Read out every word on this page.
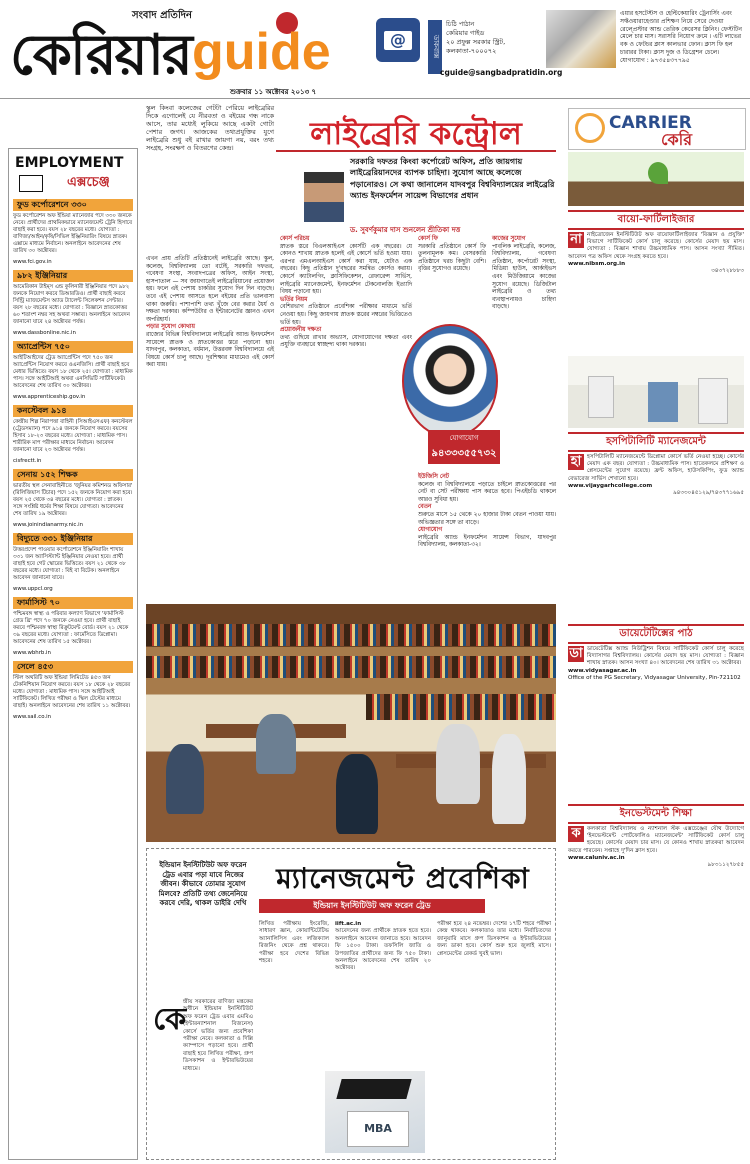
সংবাদ প্রতিদিন
কেরিয়ার guide
শুক্রবার ১১ অক্টোবর ২০১৩ ৭
@	ডাকবাক্স
চিঠি পাঠান
কেরিয়ার গাইড
২০ প্রফুল্ল সরকার স্ট্রিট,
কলকাতা-৭০০০৭২
cguide@sangbadpratidin.org
এয়ার হসটেস্টস ও হেল্টিকেয়ারিং ট্রেনার্সিং এবং সফ্টওয়ারাহেণ্ডার প্রশিক্ষণ নিয়ে সেরে দেওয়া রেল্প্রেস্টার আন্ড তেরিক কেরেসর ক্লিনিং। ফেস্টটিন মেলে চার মাস। সরাসরি নিয়োগ ক্রমে । এটি লাভের বক ও ফেটচর ক্লাস কালভার ফোন। ক্লাস ফি হল চারারর টাকা। ক্লাস দুজ ও ডিগ্রেশন চেলে। যোগাযোগ : ৯৭৩৫৪৩৭৭৯৫
EMPLOYMENT
এক্সচেঞ্জ
ফুড কর্পোরেশনে ৩৩০
ফুড কর্পোরেশন অফ ইন্ডিয়া ম্যানেজার পদে ৩৩০ জনকে নেবে। প্রার্থীদের প্রাথমিকভাবে ম্যানেজমেন্ট ট্রেনি হিসাবে বাছাই করা হবে। বয়স ২৮ বছরের মধ্যে। যোগ্যতা : বাণিজ্য/আইন/কৃষি/সিভিল ইঞ্জিনিয়ারিং বিষয়ে স্নাতক। এক্সামে মাধ্যমে নির্বাচন। অনলাইনে আবেদনের শেষ তারিখ ৩০ অক্টোবর।
www.fci.gov.in
৯৮২ ইঞ্জিনিয়ার
আমেরিকান টাইম্স এন্ড কুলিনারী ইঞ্জিনিয়ার পদে ৯৮২ জনকে নিয়োগ করবে ডিআরডিও। প্রার্থী বাছাই করবে সিন্ট্রি ম্যাজমেন্টস অ্যাড ট্যালেন্ট সিলেকশন সেন্টার। বয়স ২৮ বছরের মধ্যে। যোগ্যতা : বিজ্ঞানে স্নাতকোত্তর ৬০ শতাংশ নম্বর সহ অথবা সম্ভাব্য। অনলাইনে আবেদন জানানো যাবে ২৪ অক্টোবর পর্যন্ত।
www.dassbonline.nic.in
অ্যাপ্রেন্টিস ৭৫০
আইটিআইদের ট্রেড অ্যাপ্রেন্টিস পদে ৭৫০ জন অ্যাপ্রেন্টিস নিয়োগ করবে ওএনজিসি। প্রার্থী বাছাই হবে মেধার ভিত্তিতে। বয়স ১৮ থেকে ২৫। যোগ্যতা : মাধ্যমিক পাস। সঙ্গে আইটিআই অথবা এনসিভিটি সার্টিফিকেট। আবেদনের শেষ তারিখ ৩০ অক্টোবর।
www.apprenticeship.gov.in
কনস্টেবল ৯১৪
কেন্দ্রীয় শিল্প নিরাপত্তা বাহিনী (সিআইএসএফ) কনস্টেবল (ট্রেডসম্যান) পদে ৯১৪ জনকে নিয়োগ করবে। বয়সের হিসাব ১৮-২৩ বছরের মধ্যে। যোগ্যতা : মাধ্যমিক পাস। শারীরিক মাপ পরীক্ষার মাধ্যমে নির্বাচন। আবেদন জানানো যাবে ২৩ অক্টোবর পর্যন্ত।
cisfrectt.in
সেনায় ১৫২ শিক্ষক
ভারতীয় স্থল সেনাবাহিনীতে 'জুনিয়র কমিশনড অফিসার' (রিলিজিয়াস টিচার) পদে ১৫২ জনকে নিয়োগ করা হবে। বয়স ২৫ থেকে ৩৪ বছরের মধ্যে। যোগ্যতা : স্নাতক। সঙ্গে সংশ্লিষ্ট ধর্মের শিক্ষা বিষয়ে যোগ্যতা। আবেদনের শেষ তারিখ ১৯ অক্টোবর।
www.joinindianarmy.nic.in
বিদ্যুতে ৩৩১ ইঞ্জিনিয়ার
উত্তরপ্রদেশ পাওয়ার কর্পোরেশনে ইঞ্জিনিয়ারিং শাখায় ৩৩১ জন অ্যাসিস্ট্যান্ট ইঞ্জিনিয়ার নেওয়া হবে। প্রার্থী বাছাই হবে গেট স্কোরের ভিত্তিতে। বয়স ২১ থেকে ৩৮ বছরের মধ্যে। যোগ্যতা : বিই বা বিটেক। অনলাইনে আবেদন জানানো যাবে।
www.uppcl.org
ফার্মাসিস্ট ৭০
পশ্চিমবঙ্গ স্বাস্থ্য ও পরিবার কল্যাণ বিভাগে 'ফার্মাসিস্ট গ্রেড থ্রি' পদে ৭০ জনকে নেওয়া হবে। প্রার্থী বাছাই করবে পশ্চিমবঙ্গ স্বাস্থ্য রিক্রুটমেন্ট বোর্ড। বয়স ২১ থেকে ৩৯ বছরের মধ্যে। যোগ্যতা : ফার্মেসিতে ডিপ্লোমা। আবেদনের শেষ তারিখ ১৫ অক্টোবর।
www.wbhrb.in
সেলে ৪৫৩
স্টিল অথরিটি অফ ইন্ডিয়া লিমিটেড ৪৫৩ জন টেকনিশিয়ান নিয়োগ করবে। বয়স ১৮ থেকে ২৮ বছরের মধ্যে। যোগ্যতা : মাধ্যমিক পাস। সঙ্গে আইটিআই সার্টিফিকেট। লিখিত পরীক্ষা ও স্কিল টেস্টের মাধ্যমে বাছাই। অনলাইনে আবেদনের শেষ তারিখ ১১ অক্টোবর।
www.sail.co.in
স্কুল কিংবা কলেজের গেটটা পেরিয়ে লাইব্রেরির দিকে এগোলেই যে নীরবতা ও বইয়ের গন্ধ নাকে আসে, তার মধ্যেই লুকিয়ে আছে একটা গোটা পেশার জগৎ। আজকের তথ্যপ্রযুক্তির যুগে লাইব্রেরি শুধু বই রাখার জায়গা নয়, বরং তথ্য সংগ্রহ, সংরক্ষণ ও বিতরণের কেন্দ্র।	লাইব্রেরি কন্ট্রোল
সরকারি দফতর কিংবা কর্পোরেট অফিস, প্রতি জায়গায় লাইব্রেরিয়ানদের ব্যাপক চাহিদা। সুযোগ আছে কলেজে পড়ানোরও। সে কথা জানালেন যাদবপুর বিশ্ববিদ্যালয়ের লাইব্রেরি অ্যান্ড ইনফর্মেশন সায়েন্স বিভাগের প্রধান
ড. সুবর্ণকুমার দাস শুনলেন শ্রীতিকা দত্ত
এখন প্রায় প্রতিটি প্রতিষ্ঠানেই লাইব্রেরি আছে। স্কুল, কলেজ, বিশ্ববিদ্যালয় তো বটেই, সরকারি দফতর, গবেষণা সংস্থা, সংবাদপত্রের অফিস, আইন সংস্থা, হাসপাতাল — সব জায়গাতেই লাইব্রেরিয়ানের প্রয়োজন হয়। ফলে এই পেশায় চাকরির সুযোগ দিন দিন বাড়ছে। তবে এই পেশায় আসতে হলে বইয়ের প্রতি ভালবাসা থাকা জরুরি। পাশাপাশি তথ্য খুঁজে বের করার ধৈর্য ও দক্ষতা দরকার। কম্পিউটার ও ইন্টারনেটের জ্ঞানও এখন অপরিহার্য।
পড়ার সুযোগ কোথায়
রাজ্যের বিভিন্ন বিশ্ববিদ্যালয়ে লাইব্রেরি অ্যান্ড ইনফর্মেশন সায়েন্সে স্নাতক ও স্নাতকোত্তর স্তরে পড়ানো হয়। যাদবপুর, কলকাতা, বর্ধমান, উত্তরবঙ্গ বিশ্ববিদ্যালয়ে এই বিষয়ে কোর্স চালু আছে। দূরশিক্ষার মাধ্যমেও এই কোর্স করা যায়।
কোর্স পরিচয়
স্নাতক স্তরে বিএলআইএস কোর্সটি এক বছরের। যে কোনও শাখায় স্নাতক হলেই এই কোর্সে ভর্তি হওয়া যায়। এরপর এমএলআইএস কোর্স করা যায়, যেটাও এক বছরের। কিছু প্রতিষ্ঠান দু'বছরের সমন্বিত কোর্সও করায়। কোর্সে ক্যাটালগিং, ক্লাসিফিকেশন, রেফারেন্স সার্ভিস, লাইব্রেরি ম্যানেজমেন্ট, ইনফর্মেশন টেকনোলজি ইত্যাদি বিষয় পড়ানো হয়।
ভর্তির নিয়ম
বেশিরভাগ প্রতিষ্ঠানে প্রবেশিকা পরীক্ষার মাধ্যমে ভর্তি নেওয়া হয়। কিছু জায়গায় স্নাতক স্তরের নম্বরের ভিত্তিতেও ভর্তি হয়।
প্রয়োজনীয় দক্ষতা
তথ্য গুছিয়ে রাখার অভ্যাস, যোগাযোগের দক্ষতা এবং প্রযুক্তি ব্যবহারে স্বাচ্ছন্দ্য থাকা দরকার।
কোর্স ফি
সরকারি প্রতিষ্ঠানে কোর্স ফি তুলনামূলক কম। বেসরকারি প্রতিষ্ঠানে খরচ কিছুটা বেশি। বৃত্তির সুযোগও রয়েছে।
কাজের সুযোগ
পাবলিক লাইব্রেরি, কলেজ, বিশ্ববিদ্যালয়, গবেষণা প্রতিষ্ঠান, কর্পোরেট সংস্থা, মিডিয়া হাউস, আর্কাইভস এবং মিউজিয়ামে কাজের সুযোগ রয়েছে। ডিজিটাল লাইব্রেরি ও তথ্য ব্যবস্থাপনায়ও চাহিদা বাড়ছে।
ইউজিসি নেট
কলেজ বা বিশ্ববিদ্যালয়ে পড়াতে চাইলে স্নাতকোত্তরের পর নেট বা সেট পরীক্ষায় পাস করতে হবে। পিএইচডি থাকলে আরও সুবিধা হয়।
বেতন
শুরুতে মাসে ১৫ থেকে ২০ হাজার টাকা বেতন পাওয়া যায়। অভিজ্ঞতার সঙ্গে তা বাড়ে।
যোগাযোগ
লাইব্রেরি অ্যান্ড ইনফর্মেশন সায়েন্স বিভাগ, যাদবপুর বিশ্ববিদ্যালয়, কলকাতা-৩২।
যোগাযোগ
৯৪৩৩৩৫৫৭৩২
ইন্ডিয়ান ইনস্টিটিউট অফ ফরেন ট্রেড এবার পড়া যাবে নিজের জীবন। কীভাবে তোমার সুযোগ মিলবে? প্রতিটি তথ্য জেনেনিয়ে করবে দেরি, থাকল ডাইরি দেখি
ম্যানেজমেন্ট প্রবেশিকা
ইন্ডিয়ান ইনস্টিটিউট অফ ফরেন ট্রেড
কে
ন্দ্রীয় সরকারের বাণিজ্য মন্ত্রকের অধীনে ইন্ডিয়ান ইনস্টিটিউট অফ ফরেন ট্রেড এবার এমবিএ (ইন্টারন্যাশনাল বিজনেস) কোর্সে ভর্তির জন্য প্রবেশিকা পরীক্ষা নেবে। কলকাতা ও দিল্লি ক্যাম্পাসে পড়ানো হবে। প্রার্থী বাছাই হবে লিখিত পরীক্ষা, গ্রুপ ডিসকাশন ও ইন্টারভিউয়ের মাধ্যমে।
লিখিত পরীক্ষায় ইংরেজি, সাধারণ জ্ঞান, কোয়ান্টিটেটিভ অ্যানালিসিস এবং লজিক্যাল রিজনিং থেকে প্রশ্ন থাকবে। পরীক্ষা হবে দেশের বিভিন্ন শহরে।
iift.ac.in
আবেদনের জন্য প্রার্থীকে স্নাতক হতে হবে। অনলাইনে আবেদন জানাতে হবে। আবেদন ফি ১৫০০ টাকা। তফসিলি জাতি ও উপজাতির প্রার্থীদের জন্য ফি ৭৫০ টাকা। অনলাইনে আবেদনের শেষ তারিখ ২০ অক্টোবর।
পরীক্ষা হবে ২৪ নভেম্বর। দেশের ১৭টি শহরে পরীক্ষা কেন্দ্র থাকবে। কলকাতাও তার মধ্যে। নির্বাচিতদের জানুয়ারি মাসে গ্রুপ ডিসকাশন ও ইন্টারভিউয়ের জন্য ডাকা হবে। কোর্স শুরু হবে জুলাই মাসে। প্লেসমেন্টের রেকর্ড খুবই ভাল।
MBA
CARRIER
কেরি
বায়ো-ফার্টিলাইজার
না নাইত্রোজেন ইনস্টিটিউট অফ বায়োফার্টিলাইজার 'বিজ্ঞান ও প্রযুক্তি' বিভাগে সার্টিফিকেট কোর্স চালু করেছে। কোর্সের মেয়াদ ছয় মাস। যোগ্যতা : বিজ্ঞান শাখায় উচ্চমাধ্যমিক পাস। আসন সংখ্যা সীমিত। আবেদন পত্র অফিস থেকে সংগ্রহ করতে হবে।
www.nibsm.org.in
৩৪৩৭২৮৮৮৩
হসপিটালিটি ম্যানেজমেন্ট
হা	হসপিটালিটি ম্যানেজমেন্টে ডিপ্লোমা কোর্সে ভর্তি নেওয়া হচ্ছে। কোর্সের মেয়াদ এক বছর। যোগ্যতা : উচ্চমাধ্যমিক পাস। হাতেকলমে প্রশিক্ষণ ও প্লেসমেন্টের সুযোগ রয়েছে। ফ্রন্ট অফিস, হাউসকিপিং, ফুড অ্যান্ড বেভারেজ সার্ভিস শেখানো হবে।
www.vijaygarhcollege.com
৯৪৩৩০৪৫১২৯/৭৪৩৭৭১৬৯৫
ডায়েটেটিক্সের পাঠ
ডা ডায়েটেটিক্স অ্যান্ড নিউট্রিশন বিষয়ে সার্টিফিকেট কোর্স চালু করেছে বিদ্যাসাগর বিশ্ববিদ্যালয়। কোর্সের মেয়াদ ছয় মাস। যোগ্যতা : বিজ্ঞান শাখায় স্নাতক। আসন সংখ্যা ৪০। আবেদনের শেষ তারিখ ৩১ অক্টোবর।
www.vidyasagar.ac.in
Office of the PG Secretary, Vidyasagar University, Pin-721102
ইনভেস্টমেন্ট শিক্ষা
ক	কলকাতা বিশ্ববিদ্যালয় ও ন্যাশনাল স্টক এক্সচেঞ্জের যৌথ উদ্যোগে 'ইনভেস্টমেন্ট পোর্টফোলিও ম্যানেজমেন্ট' সার্টিফিকেট কোর্স চালু হয়েছে। কোর্সের মেয়াদ চার মাস। যে কোনও শাখায় স্নাতকরা আবেদন করতে পারবেন। সপ্তাহে দু'দিন ক্লাস হবে।
www.caluniv.ac.in
৯৮৩১১২৭৮৫৫
